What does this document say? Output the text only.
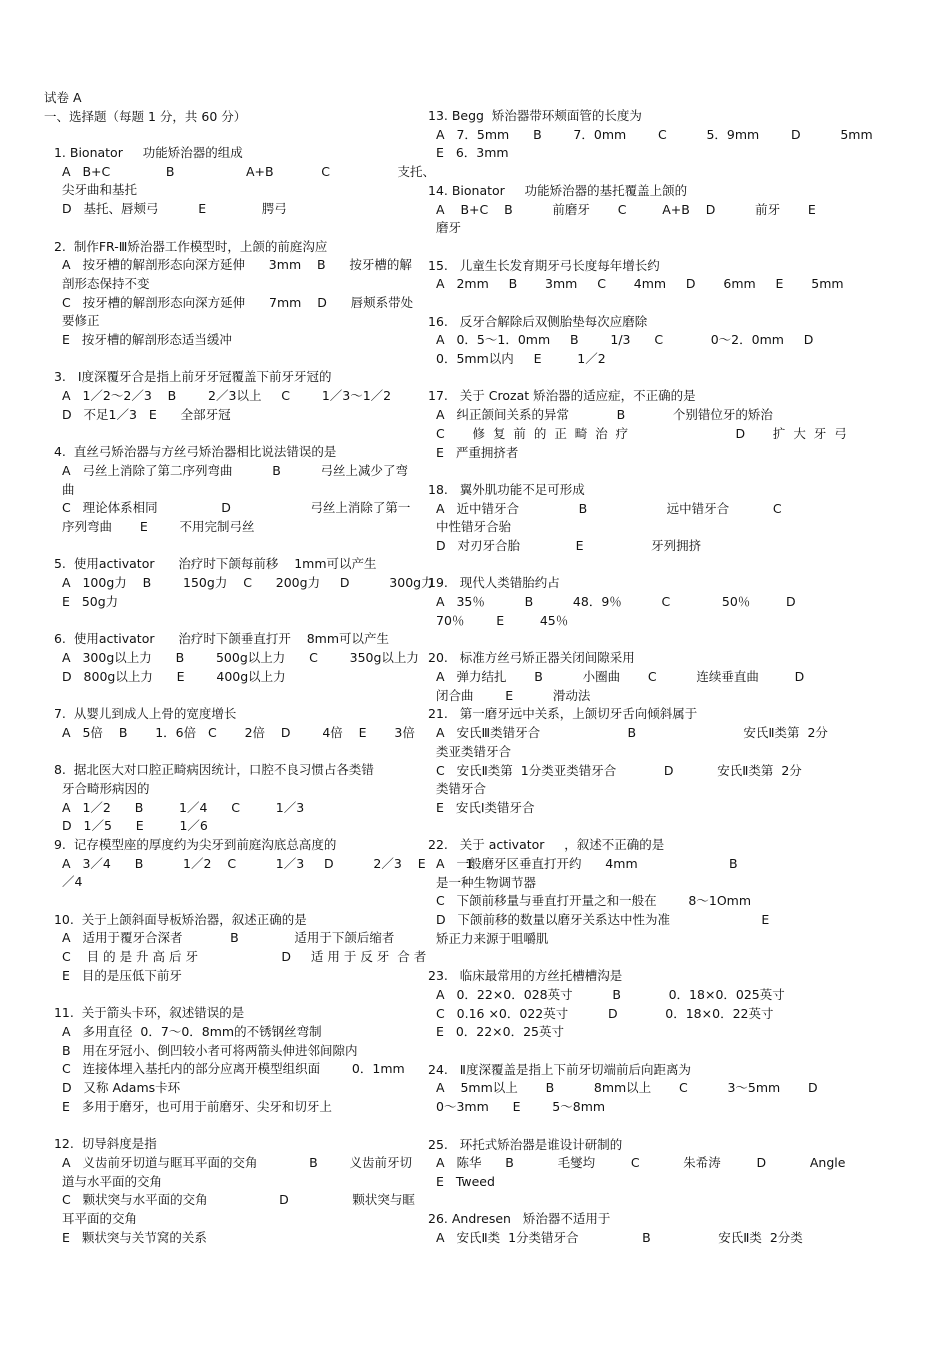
试卷 A
一、选择题（每题 1 分，共 60 分）
1. Bionator     功能矫治器的组成
A   B+C              B                  A+B            C                 支托、
尖牙曲和基托
D   基托、唇颊弓          E              腭弓
2.  制作FR-Ⅲ矫治器工作模型时，上颌的前庭沟应
A   按牙槽的解剖形态向深方延伸      3mm    B      按牙槽的解
剖形态保持不变
C   按牙槽的解剖形态向深方延伸      7mm    D      唇颊系带处
要修正
E   按牙槽的解剖形态适当缓冲
3.   Ⅰ度深覆牙合是指上前牙牙冠覆盖下前牙牙冠的
A   1／2～2／3    B        2／3以上     C        1／3～1／2
D   不足1／3   E      全部牙冠
4.  直丝弓矫治器与方丝弓矫治器相比说法错误的是
A   弓丝上消除了第二序列弯曲          B          弓丝上减少了弯
曲
C   理论体系相同                D                    弓丝上消除了第一
序列弯曲       E        不用完制弓丝
5.  使用activator      治疗时下颌每前移    1mm可以产生
A   100g力    B        150g力    C      200g力     D          300g力
E   50g力
6.  使用activator      治疗时下颌垂直打开    8mm可以产生
A   300g以上力      B        500g以上力      C        350g以上力
D   800g以上力      E        400g以上力
7.  从婴儿到成人上骨的宽度增长
A   5倍    B       1．6倍   C       2倍    D        4倍    E       3倍
8.  据北医大对口腔正畸病因统计，口腔不良习惯占各类错
牙合畸形病因的
A   1／2      B         1／4      C         1／3
D   1／5      E         1／6
9.  记存模型座的厚度约为尖牙到前庭沟底总高度的
A   3／4      B          1／2    C          1／3     D          2／3    E          1
／4
10.  关于上颌斜面导板矫治器，叙述正确的是
A   适用于覆牙合深者            B              适用于下颌后缩者
C    目 的 是 升 高 后 牙                     D     适 用 于 反 牙  合 者
E   目的是压低下前牙
11.  关于箭头卡环，叙述错误的是
A   多用直径  0．7～0．8mm的不锈钢丝弯制
B   用在牙冠小、倒凹较小者可将两箭头伸进邻间隙内
C   连接体埋入基托内的部分应离开模型组织面        0．1mm
D   又称 Adams卡环
E   多用于磨牙，也可用于前磨牙、尖牙和切牙上
12.  切导斜度是指
A   义齿前牙切道与眶耳平面的交角             B        义齿前牙切
道与水平面的交角
C   颗状突与水平面的交角                  D                颗状突与眶
耳平面的交角
E   颗状突与关节窝的关系
13. Begg  矫治器带环颊面管的长度为
A   7．5mm      B        7．0mm        C          5．9mm        D          5mm
E   6．3mm
14. Bionator     功能矫治器的基托覆盖上颌的
A    B+C    B          前磨牙       C         A+B    D          前牙       E
磨牙
15.   儿童生长发育期牙弓长度每年增长约
A   2mm     B       3mm     C       4mm     D       6mm     E       5mm
16.   反牙合解除后双侧胎垫每次应磨除
A   0．5～1．0mm     B        1/3      C            0～2．0mm     D
0．5mm以内     E         1／2
17.   关于 Crozat 矫治器的适应症，不正确的是
A   纠正颌间关系的异常            B            个别错位牙的矫治
C       修  复  前  的  正  畸  治  疗                           D       扩  大  牙  弓
E   严重拥挤者
18.   翼外肌功能不足可形成
A   近中错牙合               B                    远中错牙合           C
中性错牙合骀
D   对刃牙合胎              E                 牙列拥挤
19.   现代人类错胎约占
A   35％          B          48．9％          C             50％         D
70％        E         45％
20.   标准方丝弓矫正器关闭间隙采用
A   弹力结扎       B          小圈曲       C          连续垂直曲         D
闭合曲        E          滑动法
21.   第一磨牙远中关系，上颌切牙舌向倾斜属于
A   安氏Ⅲ类错牙合                      B                           安氏Ⅱ类第  2分
类亚类错牙合
C   安氏Ⅱ类第  1分类亚类错牙合            D           安氏Ⅱ类第  2分
类错牙合
E   安氏Ⅰ类错牙合
22.   关于 activator     ，叙述不正确的是
A   一般磨牙区垂直打开约      4mm                       B
是一种生物调节器
C   下颌前移量与垂直打开量之和一般在        8～1Omm
D   下颌前移的数量以磨牙关系达中性为准                       E
矫正力来源于咀嚼肌
23.   临床最常用的方丝托槽槽沟是
A   0．22×0．028英寸          B            0．18×0．025英寸
C   0.16 ×0．022英寸          D            0．18×0．22英寸
E   0．22×0．25英寸
24.   Ⅱ度深覆盖是指上下前牙切端前后向距离为
A    5mm以上       B          8mm以上       C          3～5mm       D
0～3mm      E        5～8mm
25.   环托式矫治器是谁设计研制的
A   陈华      B           毛燮均         C           朱希涛         D           Angle
E   Tweed
26. Andresen   矫治器不适用于
A   安氏Ⅱ类  1分类错牙合                B                 安氏Ⅱ类  2分类
